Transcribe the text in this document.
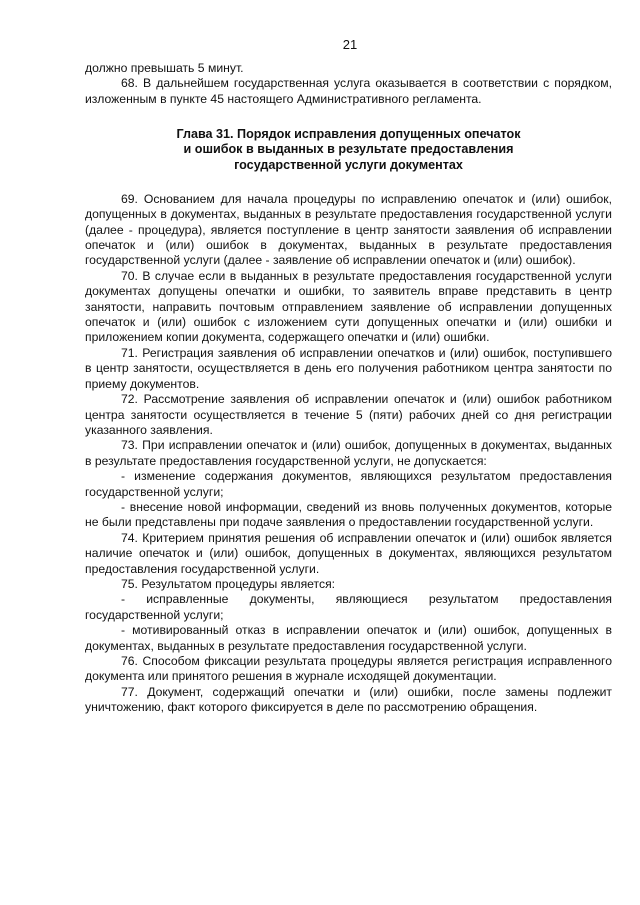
21

должно превышать 5 минут.

68. В дальнейшем государственная услуга оказывается в соответствии с порядком, изложенным в пункте 45 настоящего Административного регламента.

Глава 31. Порядок исправления допущенных опечаток
и ошибок в выданных в результате предоставления
государственной услуги документах

69. Основанием для начала процедуры по исправлению опечаток и (или) ошибок, допущенных в документах, выданных в результате предоставления государственной услуги (далее - процедура), является поступление в центр занятости заявления об исправлении опечаток и (или) ошибок в документах, выданных в результате предоставления государственной услуги (далее - заявление об исправлении опечаток и (или) ошибок).

70. В случае если в выданных в результате предоставления государственной услуги документах допущены опечатки и ошибки, то заявитель вправе представить в центр занятости, направить почтовым отправлением заявление об исправлении допущенных опечаток и (или) ошибок с изложением сути допущенных опечатки и (или) ошибки и приложением копии документа, содержащего опечатки и (или) ошибки.

71. Регистрация заявления об исправлении опечатков и (или) ошибок, поступившего в центр занятости, осуществляется в день его получения работником центра занятости по приему документов.

72. Рассмотрение заявления об исправлении опечаток и (или) ошибок работником центра занятости осуществляется в течение 5 (пяти) рабочих дней со дня регистрации указанного заявления.

73. При исправлении опечаток и (или) ошибок, допущенных в документах, выданных в результате предоставления государственной услуги, не допускается:

- изменение содержания документов, являющихся результатом предоставления государственной услуги;

- внесение новой информации, сведений из вновь полученных документов, которые не были представлены при подаче заявления о предоставлении государственной услуги.

74. Критерием принятия решения об исправлении опечаток и (или) ошибок является наличие опечаток и (или) ошибок, допущенных в документах, являющихся результатом предоставления государственной услуги.

75. Результатом процедуры является:

- исправленные документы, являющиеся результатом предоставления государственной услуги;

- мотивированный отказ в исправлении опечаток и (или) ошибок, допущенных в документах, выданных в результате предоставления государственной услуги.

76. Способом фиксации результата процедуры является регистрация исправленного документа или принятого решения в журнале исходящей документации.

77. Документ, содержащий опечатки и (или) ошибки, после замены подлежит уничтожению, факт которого фиксируется в деле по рассмотрению обращения.
